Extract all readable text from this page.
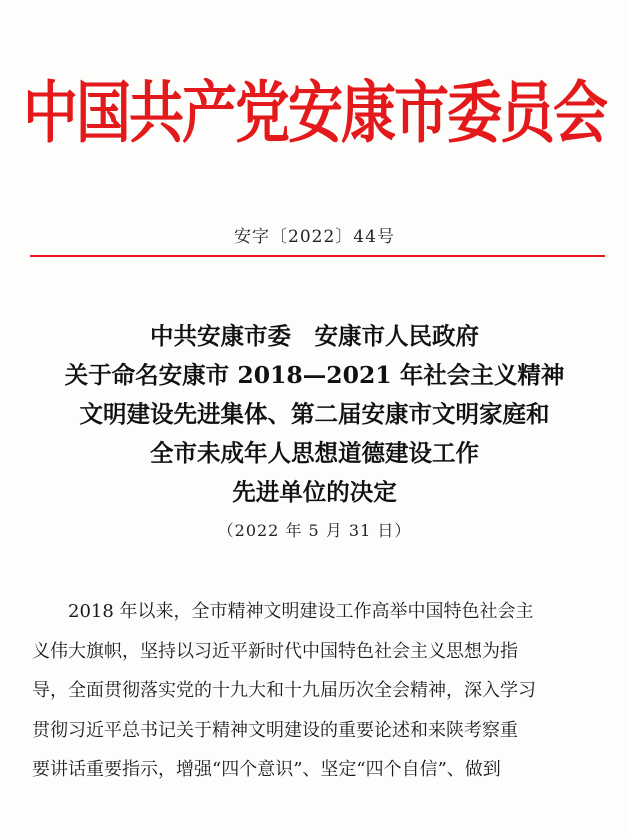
中国共产党安康市委员会
安字〔2022〕44号
中共安康市委　安康市人民政府
关于命名安康市 2018—2021 年社会主义精神
文明建设先进集体、第二届安康市文明家庭和
全市未成年人思想道德建设工作
先进单位的决定
（2022 年 5 月 31 日）
2018 年以来，全市精神文明建设工作高举中国特色社会主
义伟大旗帜，坚持以习近平新时代中国特色社会主义思想为指
导，全面贯彻落实党的十九大和十九届历次全会精神，深入学习
贯彻习近平总书记关于精神文明建设的重要论述和来陕考察重
要讲话重要指示，增强“四个意识”、坚定“四个自信”、做到
